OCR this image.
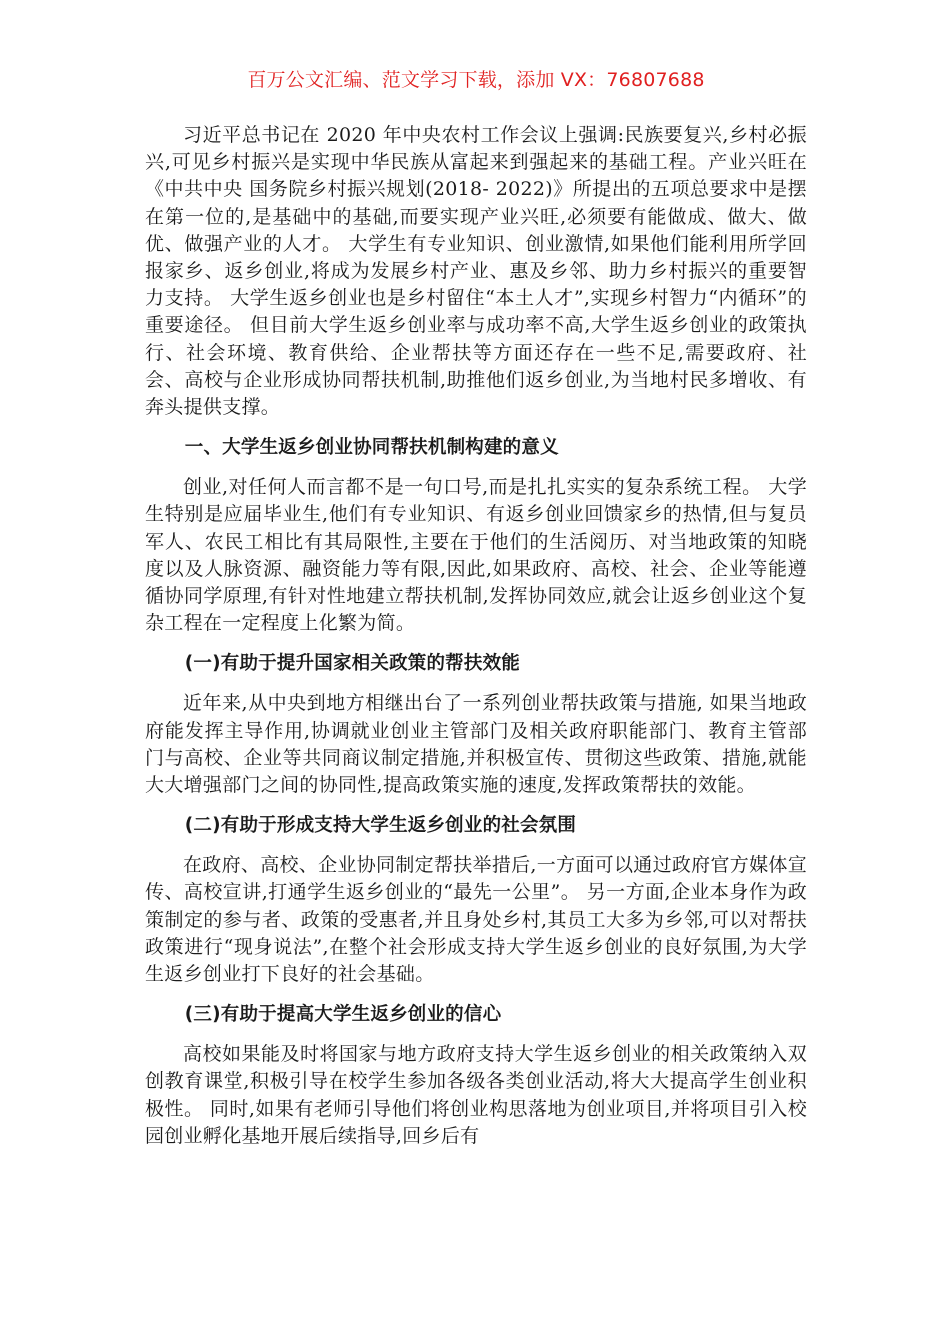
百万公文汇编、范文学习下载，添加 VX：76807688

习近平总书记在 2020 年中央农村工作会议上强调:民族要复兴,乡村必振兴,可见乡村振兴是实现中华民族从富起来到强起来的基础工程。产业兴旺在《中共中央 国务院乡村振兴规划(2018- 2022)》所提出的五项总要求中是摆在第一位的,是基础中的基础,而要实现产业兴旺,必须要有能做成、做大、做优、做强产业的人才。 大学生有专业知识、创业激情,如果他们能利用所学回报家乡、返乡创业,将成为发展乡村产业、惠及乡邻、助力乡村振兴的重要智力支持。 大学生返乡创业也是乡村留住“本土人才”,实现乡村智力“内循环”的重要途径。 但目前大学生返乡创业率与成功率不高,大学生返乡创业的政策执行、社会环境、教育供给、企业帮扶等方面还存在一些不足,需要政府、社会、高校与企业形成协同帮扶机制,助推他们返乡创业,为当地村民多增收、有奔头提供支撑。

一、大学生返乡创业协同帮扶机制构建的意义

创业,对任何人而言都不是一句口号,而是扎扎实实的复杂系统工程。 大学生特别是应届毕业生,他们有专业知识、有返乡创业回馈家乡的热情,但与复员军人、农民工相比有其局限性,主要在于他们的生活阅历、对当地政策的知晓度以及人脉资源、融资能力等有限,因此,如果政府、高校、社会、企业等能遵循协同学原理,有针对性地建立帮扶机制,发挥协同效应,就会让返乡创业这个复杂工程在一定程度上化繁为简。

(一)有助于提升国家相关政策的帮扶效能

近年来,从中央到地方相继出台了一系列创业帮扶政策与措施, 如果当地政府能发挥主导作用,协调就业创业主管部门及相关政府职能部门、教育主管部门与高校、企业等共同商议制定措施,并积极宣传、贯彻这些政策、措施,就能大大增强部门之间的协同性,提高政策实施的速度,发挥政策帮扶的效能。

(二)有助于形成支持大学生返乡创业的社会氛围

在政府、高校、企业协同制定帮扶举措后,一方面可以通过政府官方媒体宣传、高校宣讲,打通学生返乡创业的“最先一公里”。 另一方面,企业本身作为政策制定的参与者、政策的受惠者,并且身处乡村,其员工大多为乡邻,可以对帮扶政策进行“现身说法”,在整个社会形成支持大学生返乡创业的良好氛围,为大学生返乡创业打下良好的社会基础。

(三)有助于提高大学生返乡创业的信心

高校如果能及时将国家与地方政府支持大学生返乡创业的相关政策纳入双创教育课堂,积极引导在校学生参加各级各类创业活动,将大大提高学生创业积极性。 同时,如果有老师引导他们将创业构思落地为创业项目,并将项目引入校园创业孵化基地开展后续指导,回乡后有
